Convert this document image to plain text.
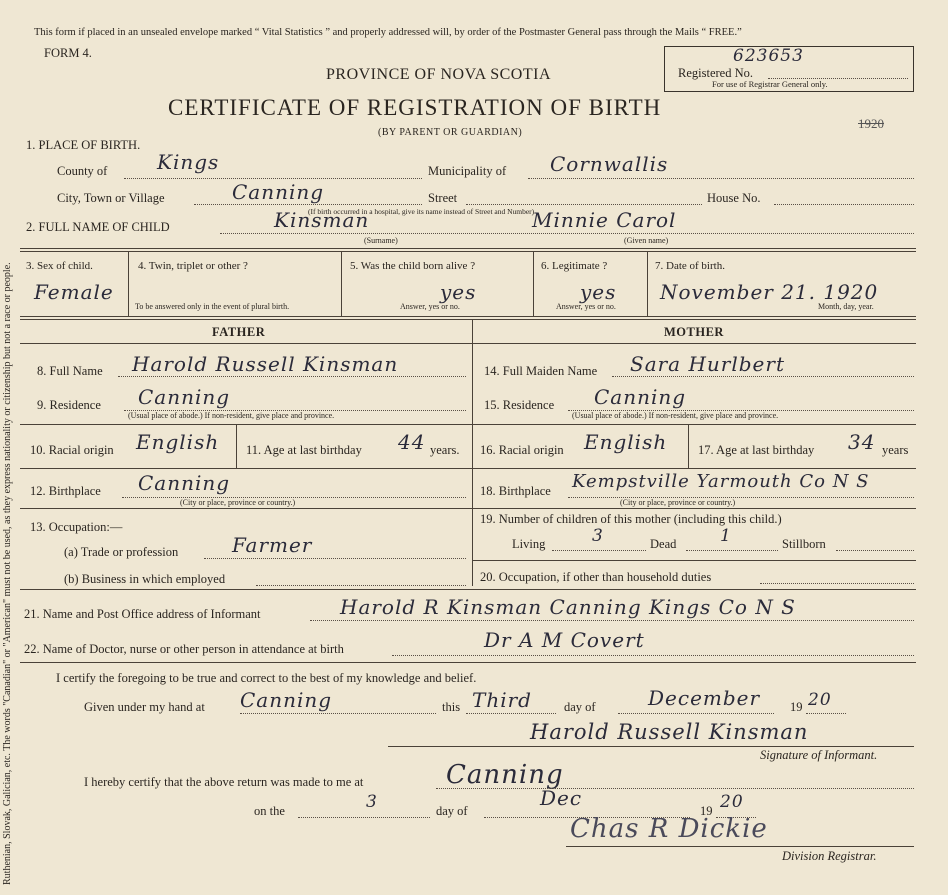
Ruthenian, Slovak, Galician, etc. The words "Canadian" or "American" must not be used, as they express nationality or citizenship but not a race or people.
This form if placed in an unsealed envelope marked “ Vital Statistics ” and properly addressed will, by order of the Postmaster General pass through the Mails “ FREE.”
FORM 4.
PROVINCE OF NOVA SCOTIA
CERTIFICATE OF REGISTRATION OF BIRTH
(BY PARENT OR GUARDIAN)
623653
Registered No.
For use of Registrar General only.
1920
1. PLACE OF BIRTH.
County of Kings	Municipality of Cornwallis
City, Town or Village	Canning	Street	House No.
(If birth occurred in a hospital, give its name instead of Street and Number)
2. FULL NAME OF CHILD	Kinsman	Minnie Carol
(Surname)	(Given name)
3. Sex of child.
Female
4. Twin, triplet or other ?
To be answered only in the event of plural birth.
5. Was the child born alive ?
yes
Answer, yes or no.
6. Legitimate ?
yes
Answer, yes or no.
7. Date of birth.
November 21. 1920
Month, day, year.
FATHER	MOTHER
8. Full Name Harold Russell Kinsman	14. Full Maiden Name Sara Hurlbert
9. Residence Canning
(Usual place of abode.) If non-resident, give place and province.
15. Residence Canning
(Usual place of abode.) If non-resident, give place and province.
10. Racial origin English 11. Age at last birthday 44 years. 16. Racial origin English 17. Age at last birthday 34 years
12. Birthplace Canning
(City or place, province or country.)
18. Birthplace Kempstville Yarmouth Co N S
(City or place, province or country.)
13. Occupation:—
(a) Trade or profession	Farmer
(b) Business in which employed
19. Number of children of this mother (including this child.)
Living	3	Dead	1	Stillborn
20. Occupation, if other than household duties
21. Name and Post Office address of Informant	Harold R Kinsman Canning Kings Co N S
22. Name of Doctor, nurse or other person in attendance at birth	Dr A M Covert
I certify the foregoing to be true and correct to the best of my knowledge and belief.
Given under my hand at Canning	this Third	day of	December 19 20
Harold Russell Kinsman
Signature of Informant.
I hereby certify that the above return was made to me at	Canning
on the	3	day of
Dec
19 20
Chas R Dickie
Division Registrar.
